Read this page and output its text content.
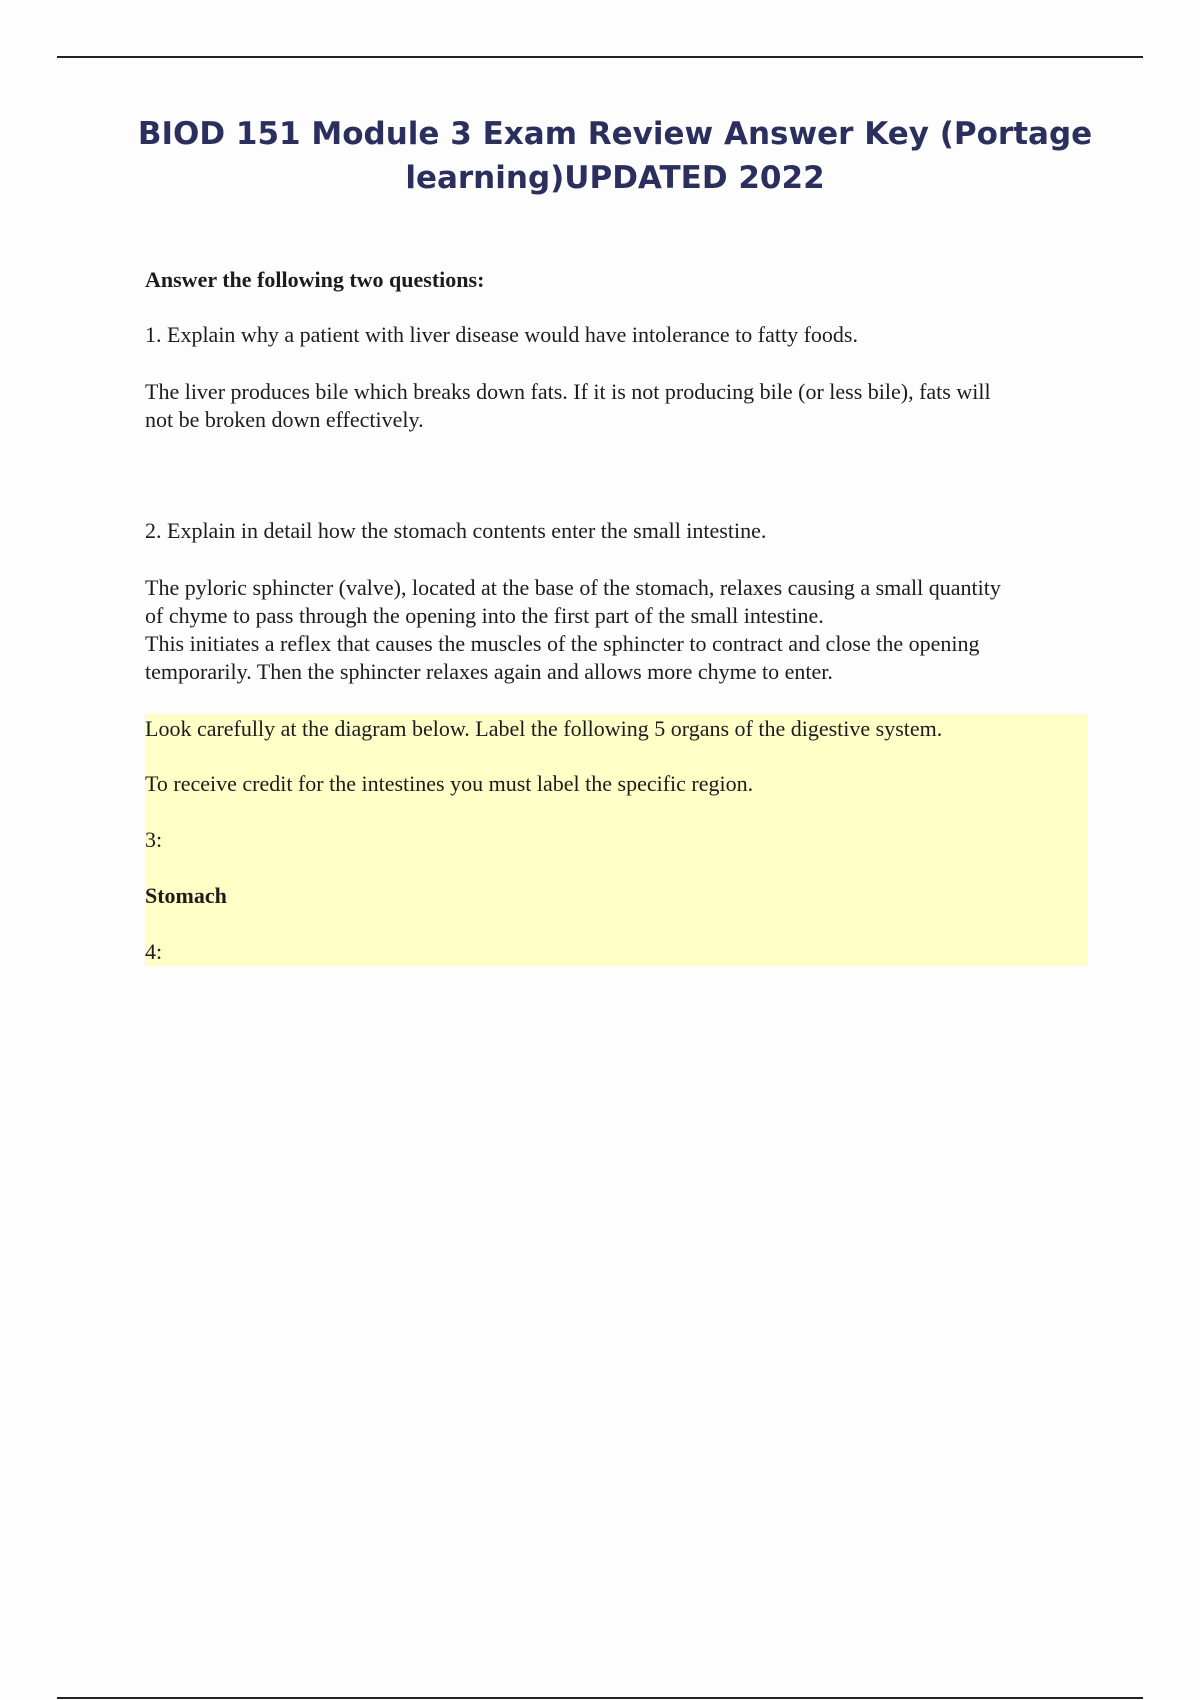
BIOD 151 Module 3 Exam Review Answer Key (Portage
learning)UPDATED 2022

Answer the following two questions:

1. Explain why a patient with liver disease would have intolerance to fatty foods.

The liver produces bile which breaks down fats. If it is not producing bile (or less bile), fats will
not be broken down effectively.

2. Explain in detail how the stomach contents enter the small intestine.

The pyloric sphincter (valve), located at the base of the stomach, relaxes causing a small quantity
of chyme to pass through the opening into the first part of the small intestine.
This initiates a reflex that causes the muscles of the sphincter to contract and close the opening
temporarily. Then the sphincter relaxes again and allows more chyme to enter.

Look carefully at the diagram below. Label the following 5 organs of the digestive system.

To receive credit for the intestines you must label the specific region.

3:

Stomach

4:
